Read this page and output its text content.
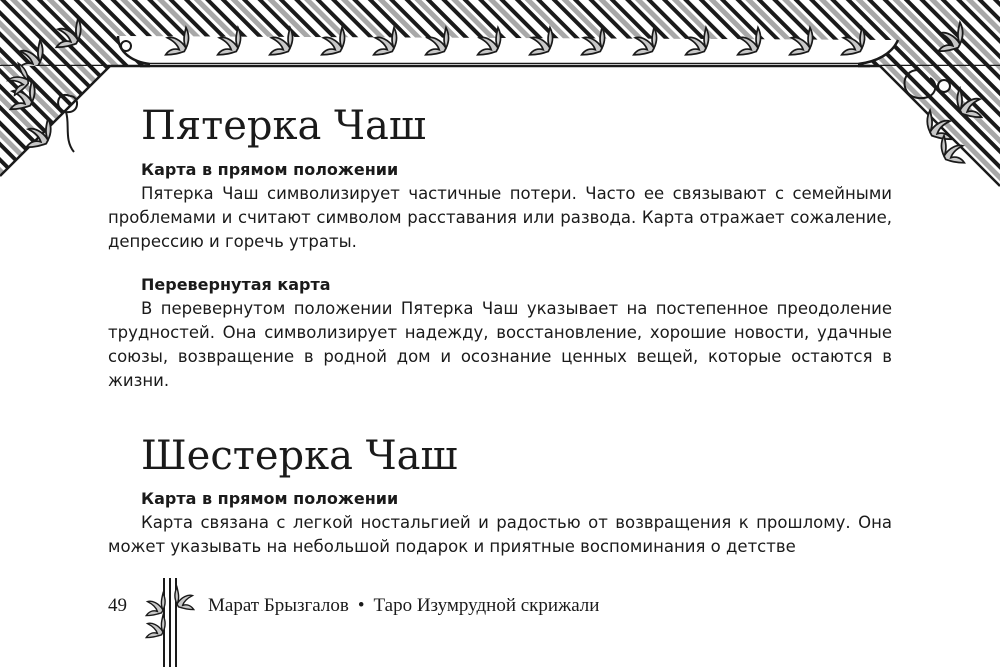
Пятерка Чаш
Карта в прямом положении

Пятерка Чаш символизирует частичные потери. Часто ее связывают с семейными проблемами и считают символом расставания или развода. Карта отражает сожаление, депрессию и горечь утраты.

Перевернутая карта

В перевернутом положении Пятерка Чаш указывает на постепенное преодоление трудностей. Она символизирует надежду, восстановление, хорошие новости, удачные союзы, возвращение в родной дом и осознание ценных вещей, которые остаются в жизни.

Шестерка Чаш
Карта в прямом положении

Карта связана с легкой ностальгией и радостью от возвращения к прошлому. Она может указывать на небольшой подарок и приятные воспоминания о детстве

49	Марат Брызгалов • Таро Изумрудной скрижали
